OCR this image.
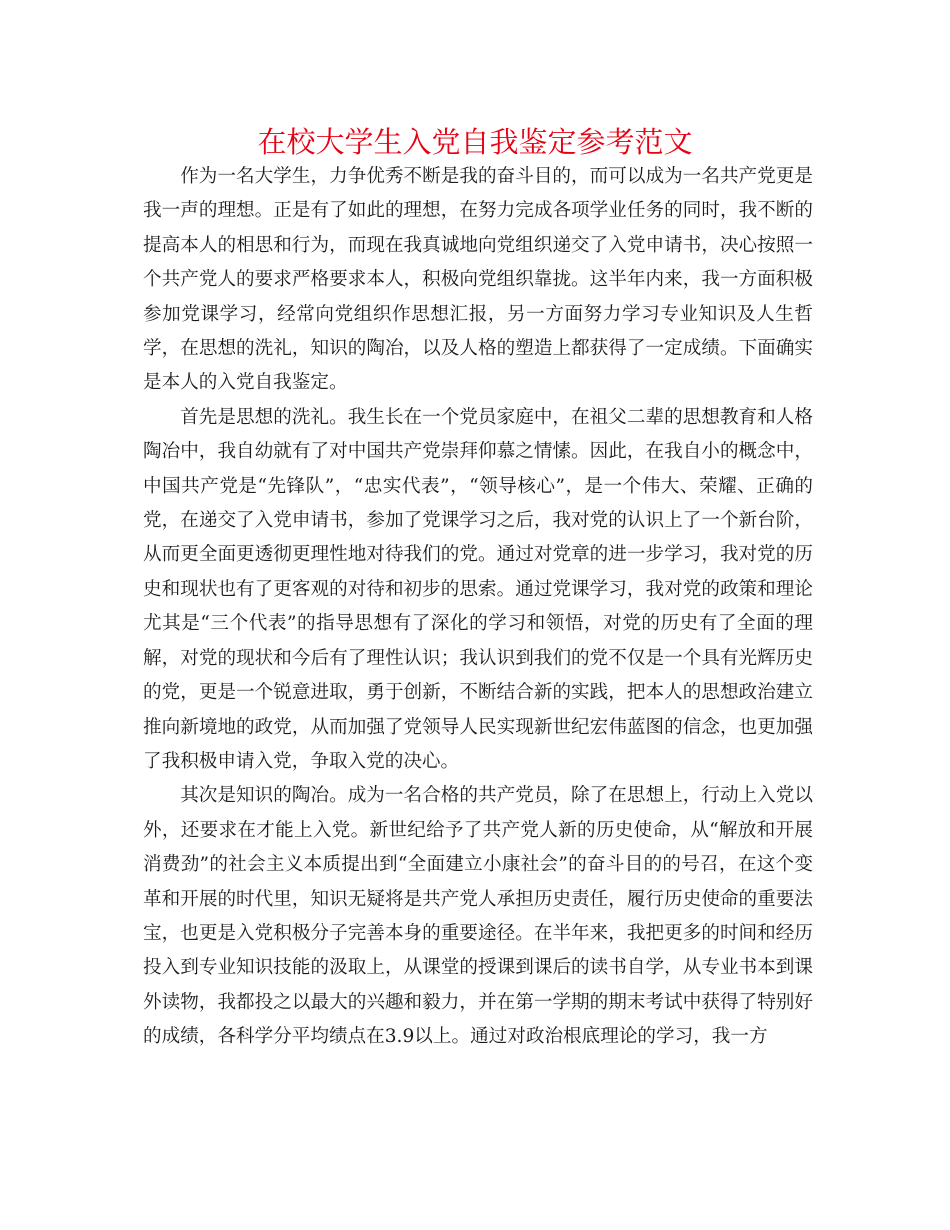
在校大学生入党自我鉴定参考范文

作为一名大学生，力争优秀不断是我的奋斗目的，而可以成为一名共产党更是我一声的理想。正是有了如此的理想，在努力完成各项学业任务的同时，我不断的提高本人的相思和行为，而现在我真诚地向党组织递交了入党申请书，决心按照一个共产党人的要求严格要求本人，积极向党组织靠拢。这半年内来，我一方面积极参加党课学习，经常向党组织作思想汇报，另一方面努力学习专业知识及人生哲学，在思想的洗礼，知识的陶冶，以及人格的塑造上都获得了一定成绩。下面确实是本人的入党自我鉴定。

首先是思想的洗礼。我生长在一个党员家庭中，在祖父二辈的思想教育和人格陶冶中，我自幼就有了对中国共产党崇拜仰慕之情愫。因此，在我自小的概念中，中国共产党是“先锋队”，“忠实代表”，“领导核心”，是一个伟大、荣耀、正确的党，在递交了入党申请书，参加了党课学习之后，我对党的认识上了一个新台阶，从而更全面更透彻更理性地对待我们的党。通过对党章的进一步学习，我对党的历史和现状也有了更客观的对待和初步的思索。通过党课学习，我对党的政策和理论尤其是“三个代表”的指导思想有了深化的学习和领悟，对党的历史有了全面的理解，对党的现状和今后有了理性认识；我认识到我们的党不仅是一个具有光辉历史的党，更是一个锐意进取，勇于创新，不断结合新的实践，把本人的思想政治建立推向新境地的政党，从而加强了党领导人民实现新世纪宏伟蓝图的信念，也更加强了我积极申请入党，争取入党的决心。

其次是知识的陶冶。成为一名合格的共产党员，除了在思想上，行动上入党以外，还要求在才能上入党。新世纪给予了共产党人新的历史使命，从“解放和开展消费劲”的社会主义本质提出到“全面建立小康社会”的奋斗目的的号召，在这个变革和开展的时代里，知识无疑将是共产党人承担历史责任，履行历史使命的重要法宝，也更是入党积极分子完善本身的重要途径。在半年来，我把更多的时间和经历投入到专业知识技能的汲取上，从课堂的授课到课后的读书自学，从专业书本到课外读物，我都投之以最大的兴趣和毅力，并在第一学期的期末考试中获得了特别好的成绩，各科学分平均绩点在3.9以上。通过对政治根底理论的学习，我一方
